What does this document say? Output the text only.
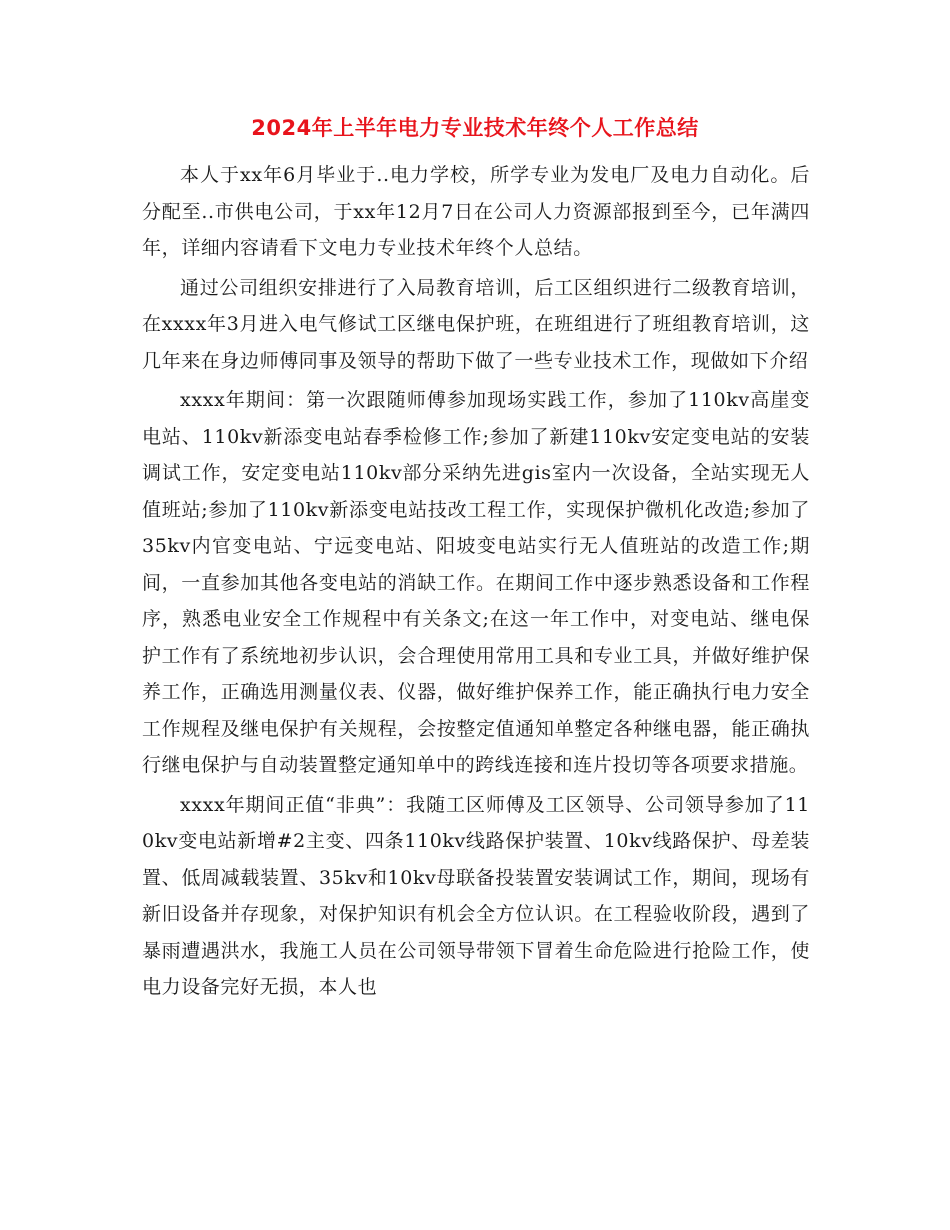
2024年上半年电力专业技术年终个人工作总结

本人于xx年6月毕业于..电力学校，所学专业为发电厂及电力自动化。后分配至..市供电公司，于xx年12月7日在公司人力资源部报到至今，已年满四年，详细内容请看下文电力专业技术年终个人总结。

通过公司组织安排进行了入局教育培训，后工区组织进行二级教育培训，在xxxx年3月进入电气修试工区继电保护班，在班组进行了班组教育培训，这几年来在身边师傅同事及领导的帮助下做了一些专业技术工作，现做如下介绍

xxxx年期间：第一次跟随师傅参加现场实践工作，参加了110kv高崖变电站、110kv新添变电站春季检修工作;参加了新建110kv安定变电站的安装调试工作，安定变电站110kv部分采纳先进gis室内一次设备，全站实现无人值班站;参加了110kv新添变电站技改工程工作，实现保护微机化改造;参加了35kv内官变电站、宁远变电站、阳坡变电站实行无人值班站的改造工作;期间，一直参加其他各变电站的消缺工作。在期间工作中逐步熟悉设备和工作程序，熟悉电业安全工作规程中有关条文;在这一年工作中，对变电站、继电保护工作有了系统地初步认识，会合理使用常用工具和专业工具，并做好维护保养工作，正确选用测量仪表、仪器，做好维护保养工作，能正确执行电力安全工作规程及继电保护有关规程，会按整定值通知单整定各种继电器，能正确执行继电保护与自动装置整定通知单中的跨线连接和连片投切等各项要求措施。

xxxx年期间正值“非典”：我随工区师傅及工区领导、公司领导参加了110kv变电站新增#2主变、四条110kv线路保护装置、10kv线路保护、母差装置、低周减载装置、35kv和10kv母联备投装置安装调试工作，期间，现场有新旧设备并存现象，对保护知识有机会全方位认识。在工程验收阶段，遇到了暴雨遭遇洪水，我施工人员在公司领导带领下冒着生命危险进行抢险工作，使电力设备完好无损，本人也
